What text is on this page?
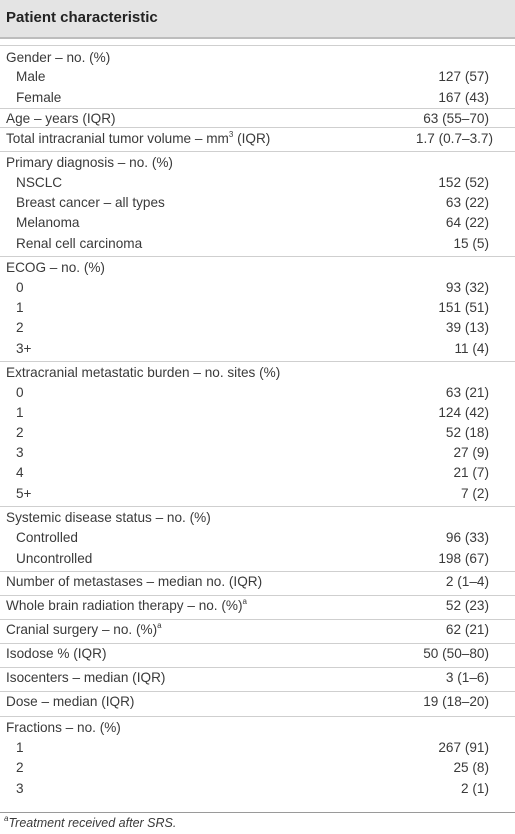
Patient characteristic
Gender – no. (%)
Male	127 (57)
Female	167 (43)
Age – years (IQR)	63 (55–70)
Total intracranial tumor volume – $mm^3$ (IQR)	1.7 (0.7–3.7)
Primary diagnosis – no. (%)
NSCLC	152 (52)
Breast cancer – all types	63 (22)
Melanoma	64 (22)
Renal cell carcinoma	15 (5)
ECOG – no. (%)
0	93 (32)
1	151 (51)
2	39 (13)
3+	11 (4)
Extracranial metastatic burden – no. sites (%)
0	63 (21)
1	124 (42)
2	52 (18)
3	27 (9)
4	21 (7)
5+	7 (2)
Systemic disease status – no. (%)
Controlled	96 (33)
Uncontrolled	198 (67)
Number of metastases – median no. (IQR)	2 (1–4)
Whole brain radiation therapy – no. (%)$^a$	52 (23)
Cranial surgery – no. (%)$^a$	62 (21)
Isodose % (IQR)	50 (50–80)
Isocenters – median (IQR)	3 (1–6)
Dose – median (IQR)	19 (18–20)
Fractions – no. (%)
1	267 (91)
2	25 (8)
3	2 (1)
$^a$Treatment received after SRS.
